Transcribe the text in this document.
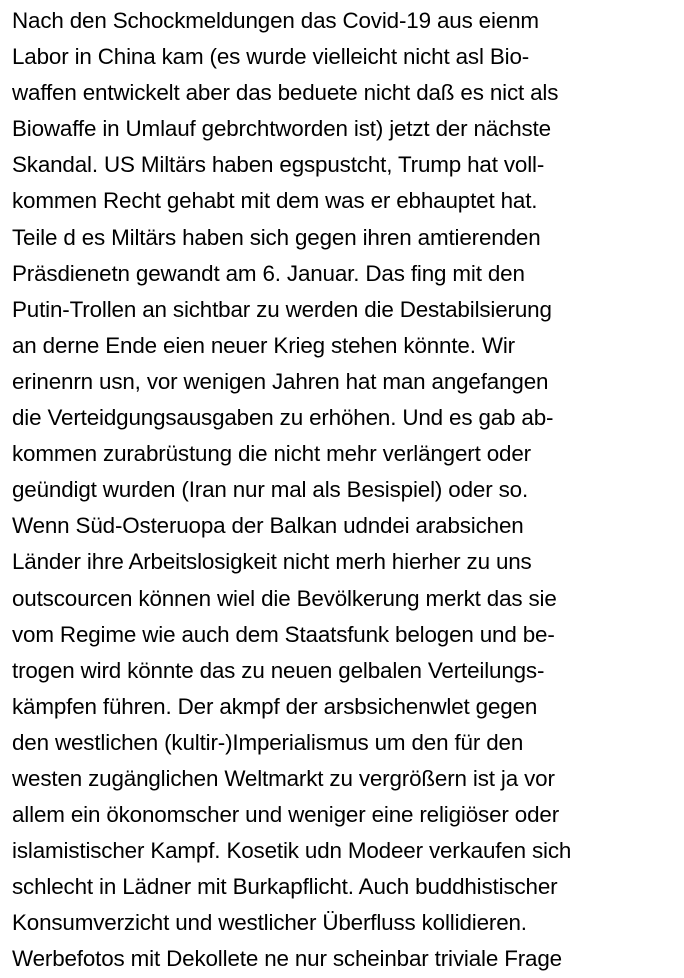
Nach den Schockmeldungen das Covid-19 aus eienm
Labor in China kam (es wurde vielleicht nicht asl Bio-
waffen entwickelt aber das beduete nicht daß es nict als
Biowaffe in Umlauf gebrchtworden ist) jetzt der nächste
Skandal. US Miltärs haben egspustcht, Trump hat voll-
kommen Recht gehabt mit dem was er ebhauptet hat.
Teile d es Miltärs haben sich gegen ihren amtierenden
Präsdienetn gewandt am 6. Januar. Das fing mit den
Putin-Trollen an sichtbar zu werden die Destabilsierung
an derne Ende eien neuer Krieg stehen könnte. Wir
erinenrn usn, vor wenigen Jahren hat man angefangen
die Verteidgungsausgaben zu erhöhen. Und es gab ab-
kommen zurabrüstung die nicht mehr verlängert oder
geündigt wurden (Iran nur mal als Besispiel) oder so.
Wenn Süd-Osteruopa der Balkan udndei arabsichen
Länder ihre Arbeitslosigkeit nicht merh hierher zu uns
outscourcen können wiel die Bevölkerung merkt das sie
vom Regime wie auch dem Staatsfunk belogen und be-
trogen wird könnte das zu neuen gelbalen Verteilungs-
kämpfen führen. Der akmpf der arsbsichenwlet gegen
den westlichen (kultir-)Imperialismus um den für den
westen zugänglichen Weltmarkt zu vergrößern ist ja vor
allem ein ökonomscher und weniger eine religiöser oder
islamistischer Kampf. Kosetik udn Modeer verkaufen sich
schlecht in Lädner mit Burkapflicht. Auch buddhistischer
Konsumverzicht und westlicher Überfluss kollidieren.
Werbefotos mit Dekollete ne nur scheinbar triviale Frage
